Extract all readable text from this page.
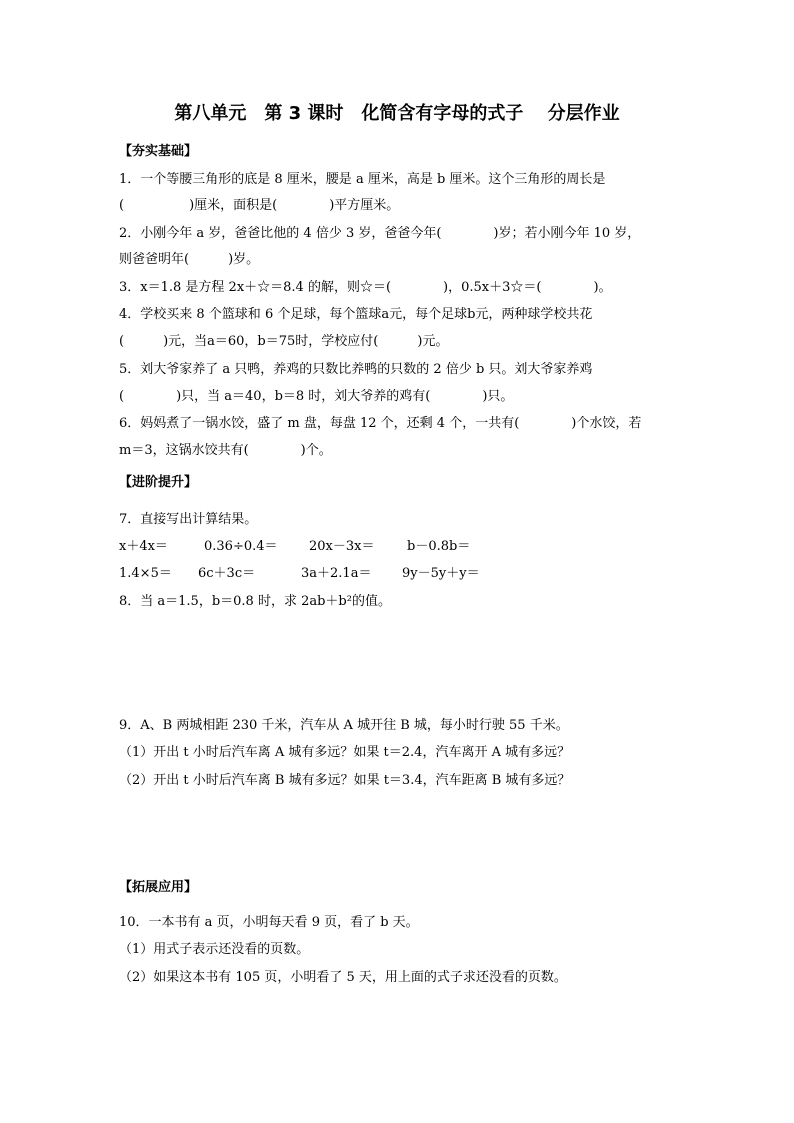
第八单元　第 3 课时　化简含有字母的式子　 分层作业
【夯实基础】
1．一个等腰三角形的底是 8 厘米，腰是 a 厘米，高是 b 厘米。这个三角形的周长是
(　　　　　)厘米，面积是(　　　　)平方厘米。
2．小刚今年 a 岁，爸爸比他的 4 倍少 3 岁，爸爸今年(　　　　)岁；若小刚今年 10 岁，
则爸爸明年(　　　)岁。
3．x＝1.8 是方程 2x＋☆＝8.4 的解，则☆＝(　　　　)，0.5x＋3☆＝(　　　　)。
4．学校买来 8 个篮球和 6 个足球，每个篮球a元，每个足球b元，两种球学校共花
(　　　)元，当a＝60，b＝75时，学校应付(　　　)元。
5．刘大爷家养了 a 只鸭，养鸡的只数比养鸭的只数的 2 倍少 b 只。刘大爷家养鸡
(　　　　)只，当 a＝40，b＝8 时，刘大爷养的鸡有(　　　　)只。
6．妈妈煮了一锅水饺，盛了 m 盘，每盘 12 个，还剩 4 个，一共有(　　　　)个水饺，若
m＝3，这锅水饺共有(　　　　)个。
【进阶提升】
7．直接写出计算结果。
x＋4x＝	0.36÷0.4＝ 20x－3x＝	b－0.8b＝
1.4×5＝ 6c＋3c＝	3a＋2.1a＝ 9y－5y＋y＝
8．当 a＝1.5，b＝0.8 时，求 2ab＋b²的值。
9．A、B 两城相距 230 千米，汽车从 A 城开往 B 城，每小时行驶 55 千米。
（1）开出 t 小时后汽车离 A 城有多远？如果 t＝2.4，汽车离开 A 城有多远？
（2）开出 t 小时后汽车离 B 城有多远？如果 t＝3.4，汽车距离 B 城有多远？
【拓展应用】
10．一本书有 a 页，小明每天看 9 页，看了 b 天。
（1）用式子表示还没看的页数。
（2）如果这本书有 105 页，小明看了 5 天，用上面的式子求还没看的页数。
